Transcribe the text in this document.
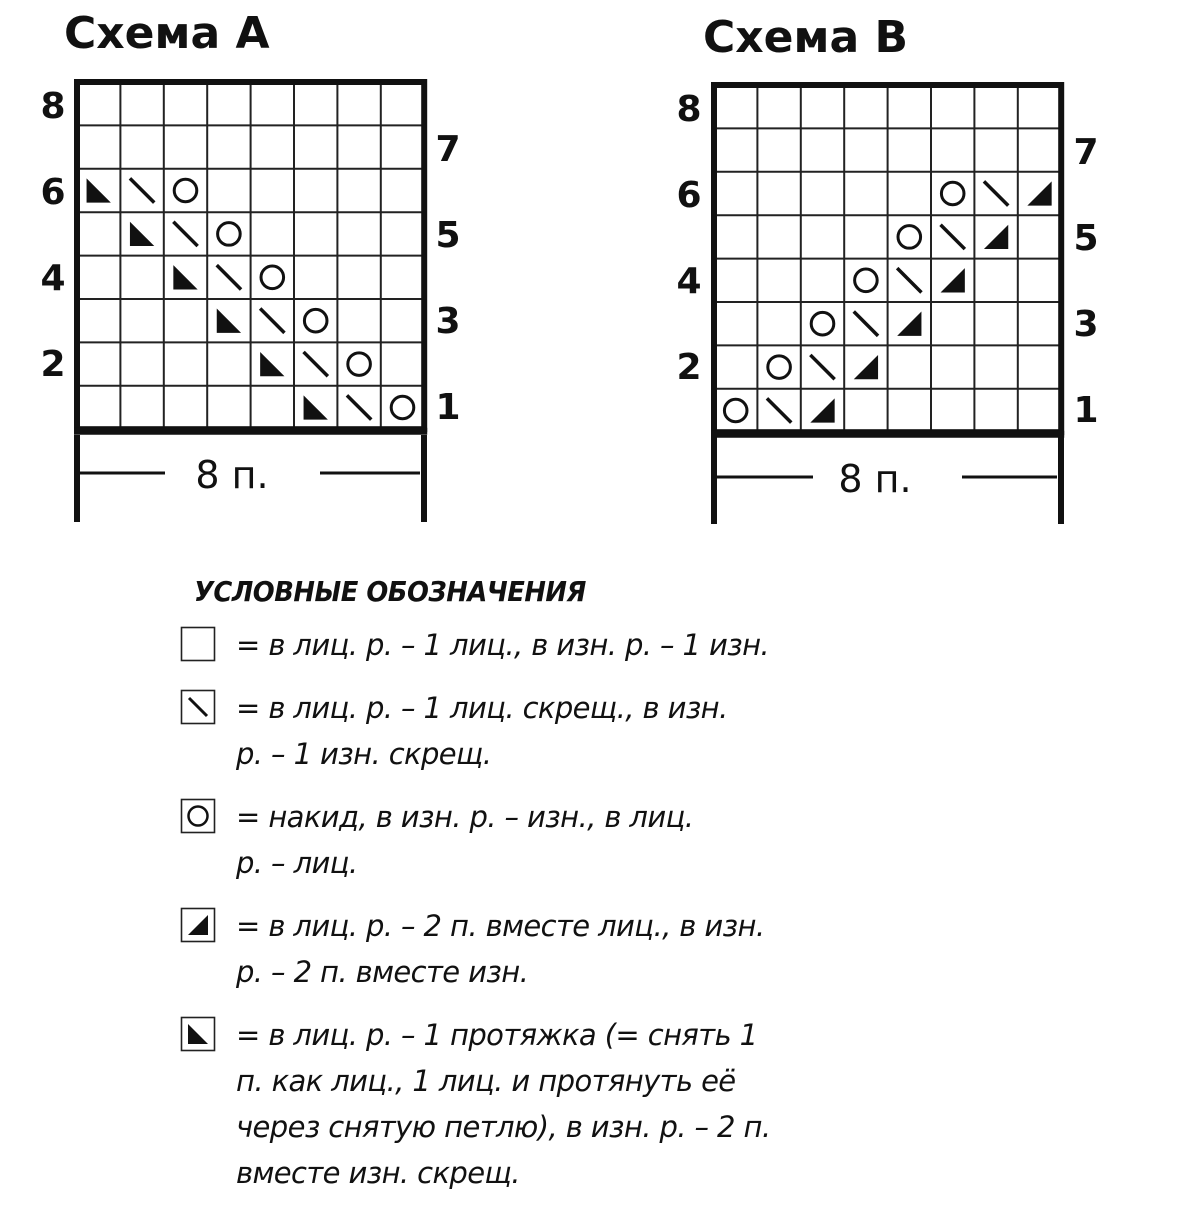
Схема А	Схема В
8
6
4
2
7
5
3
1
8 п.
8
6
4
2
7
5
3
1
8 п.
УСЛОВНЫЕ ОБОЗНАЧЕНИЯ
= в лиц. р. – 1 лиц., в изн. р. – 1 изн.
= в лиц. р. – 1 лиц. скрещ., в изн.
р. – 1 изн. скрещ.
= накид, в изн. р. – изн., в лиц.
р. – лиц.
= в лиц. р. – 2 п. вместе лиц., в изн.
р. – 2 п. вместе изн.
= в лиц. р. – 1 протяжка (= снять 1
п. как лиц., 1 лиц. и протянуть её
через снятую петлю), в изн. р. – 2 п.
вместе изн. скрещ.
